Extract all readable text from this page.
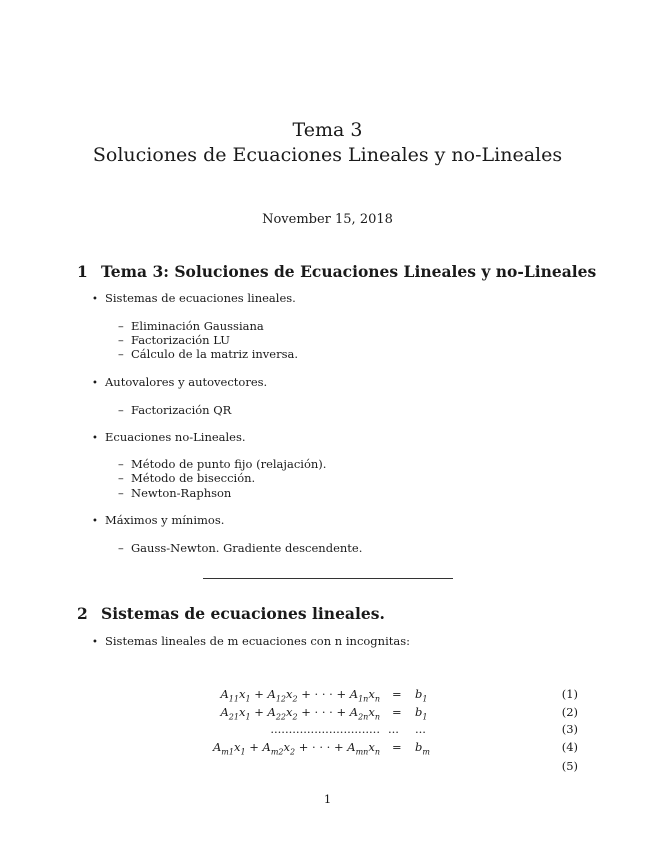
Tema 3
Soluciones de Ecuaciones Lineales y no-Lineales
November 15, 2018
1 Tema 3: Soluciones de Ecuaciones Lineales y no-Lineales
• Sistemas de ecuaciones lineales.
– Eliminación Gaussiana
– Factorización LU
– Cálculo de la matriz inversa.
• Autovalores y autovectores.
– Factorización QR
• Ecuaciones no-Lineales.
– Método de punto fijo (relajación).
– Método de bisección.
– Newton-Raphson
• Máximos y mínimos.
– Gauss-Newton. Gradiente descendente.
2 Sistemas de ecuaciones lineales.
• Sistemas lineales de m ecuaciones con n incognitas:
$A_{11}x_1 + A_{12}x_2$ + · · · + $A_{1n}x_n = b_1$	(1)
$A_{21}x_1 + A_{22}x_2$ + · · · + $A_{2n}x_n = b_1$	(2)
.............................. ... ...	(3)
$A_{m1}x_1 + A_{m2}x_2$ + · · · + $A_{mn}x_n = b_m$	(4)
(5)
1
